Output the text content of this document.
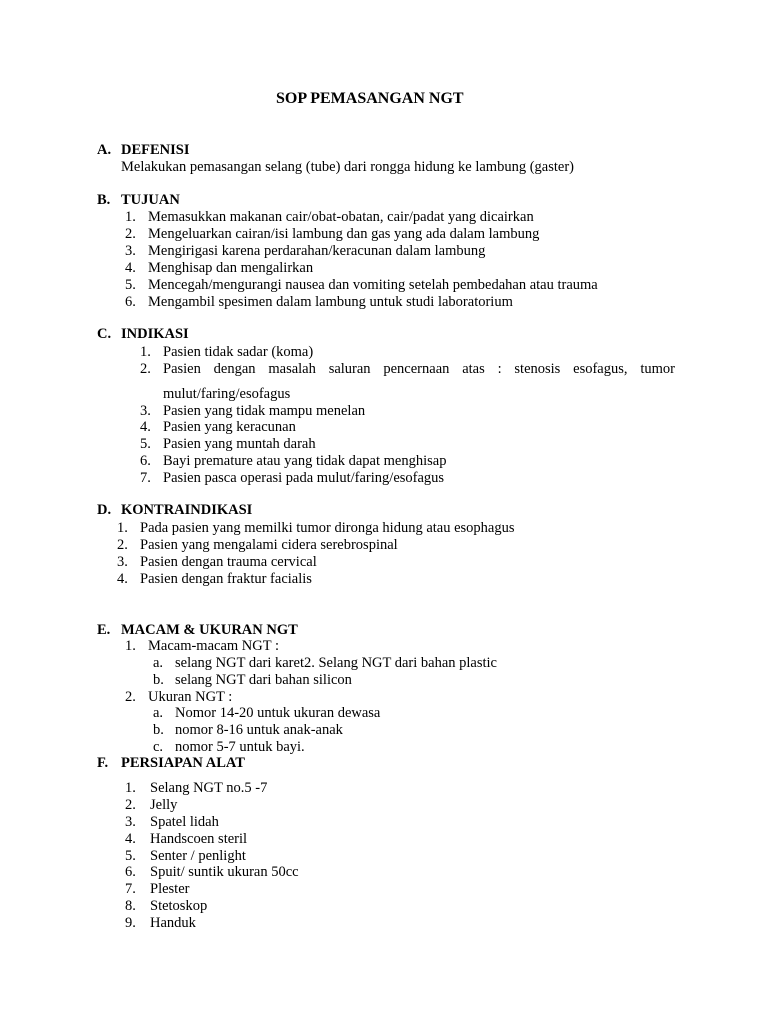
SOP PEMASANGAN NGT
A. DEFENISI
Melakukan pemasangan selang (tube) dari rongga hidung ke lambung (gaster)
B. TUJUAN
1. Memasukkan makanan cair/obat-obatan, cair/padat yang dicairkan
2. Mengeluarkan cairan/isi lambung dan gas yang ada dalam lambung
3. Mengirigasi karena perdarahan/keracunan dalam lambung
4. Menghisap dan mengalirkan
5. Mencegah/mengurangi nausea dan vomiting setelah pembedahan atau trauma
6. Mengambil spesimen dalam lambung untuk studi laboratorium
C. INDIKASI
1. Pasien tidak sadar (koma)
2. Pasien dengan masalah saluran pencernaan atas : stenosis esofagus, tumor
mulut/faring/esofagus
3. Pasien yang tidak mampu menelan
4. Pasien yang keracunan
5. Pasien yang muntah darah
6. Bayi premature atau yang tidak dapat menghisap
7. Pasien pasca operasi pada mulut/faring/esofagus
D. KONTRAINDIKASI
1. Pada pasien yang memilki tumor dironga hidung atau esophagus
2. Pasien yang mengalami cidera serebrospinal
3. Pasien dengan trauma cervical
4. Pasien dengan fraktur facialis
E. MACAM & UKURAN NGT
1. Macam-macam NGT :
a. selang NGT dari karet2. Selang NGT dari bahan plastic
b. selang NGT dari bahan silicon
2. Ukuran NGT :
a. Nomor 14-20 untuk ukuran dewasa
b. nomor 8-16 untuk anak-anak
c. nomor 5-7 untuk bayi.
F. PERSIAPAN ALAT
1. Selang NGT no.5 -7
2. Jelly
3. Spatel lidah
4. Handscoen steril
5. Senter / penlight
6. Spuit/ suntik ukuran 50cc
7. Plester
8. Stetoskop
9. Handuk
